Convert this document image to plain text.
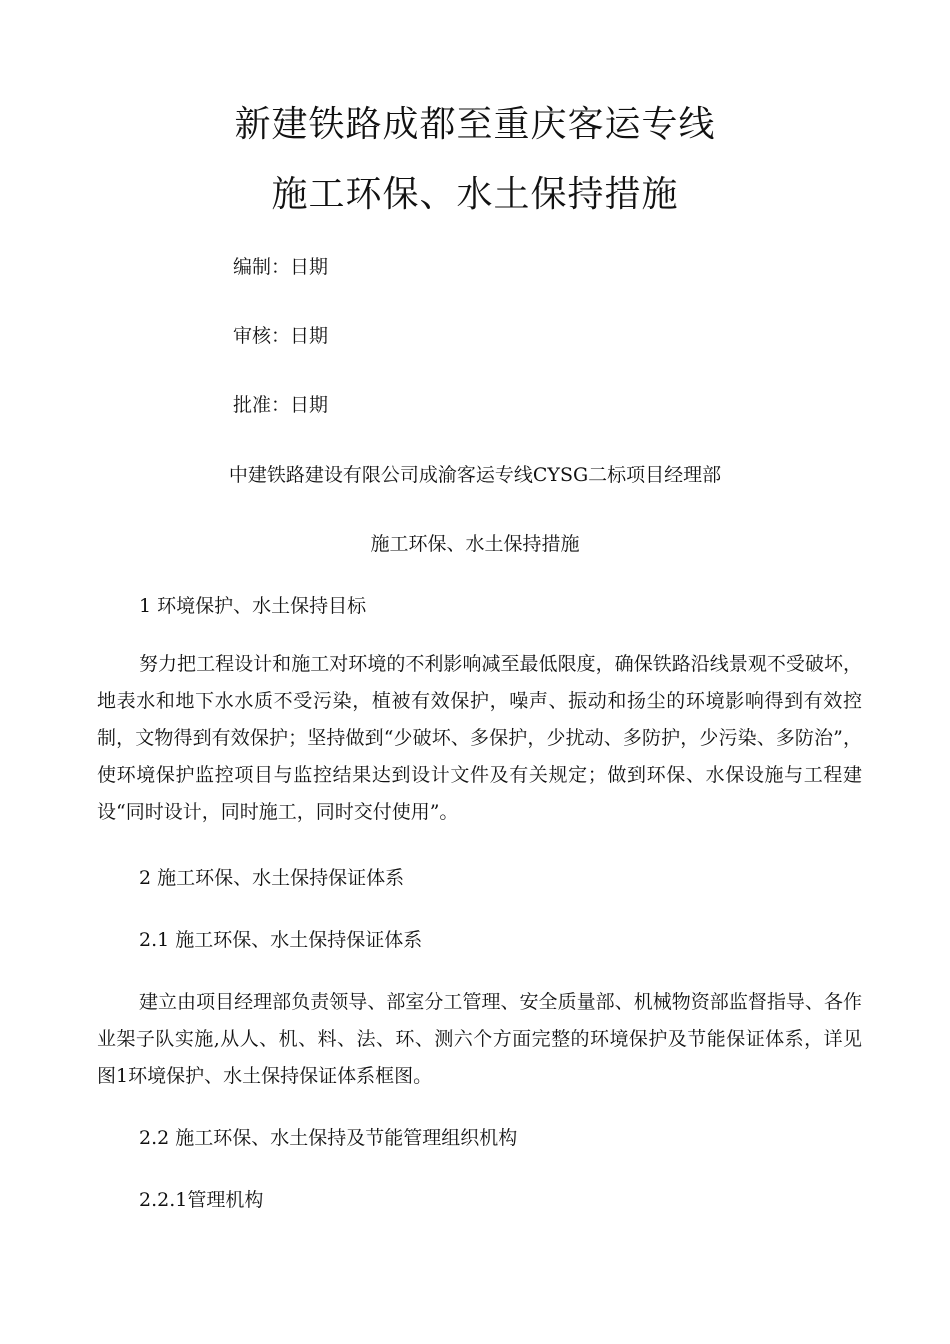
新建铁路成都至重庆客运专线
施工环保、水土保持措施
编制：日期
审核：日期
批准：日期
中建铁路建设有限公司成渝客运专线CYSG二标项目经理部
施工环保、水土保持措施
1 环境保护、水土保持目标
努力把工程设计和施工对环境的不利影响减至最低限度，确保铁路沿线景观不受破坏，地表水和地下水水质不受污染，植被有效保护，噪声、振动和扬尘的环境影响得到有效控制，文物得到有效保护；坚持做到“少破坏、多保护，少扰动、多防护，少污染、多防治”，使环境保护监控项目与监控结果达到设计文件及有关规定；做到环保、水保设施与工程建设“同时设计，同时施工，同时交付使用”。
2 施工环保、水土保持保证体系
2.1 施工环保、水土保持保证体系
建立由项目经理部负责领导、部室分工管理、安全质量部、机械物资部监督指导、各作业架子队实施,从人、机、料、法、环、测六个方面完整的环境保护及节能保证体系，详见图1环境保护、水土保持保证体系框图。
2.2 施工环保、水土保持及节能管理组织机构
2.2.1管理机构
